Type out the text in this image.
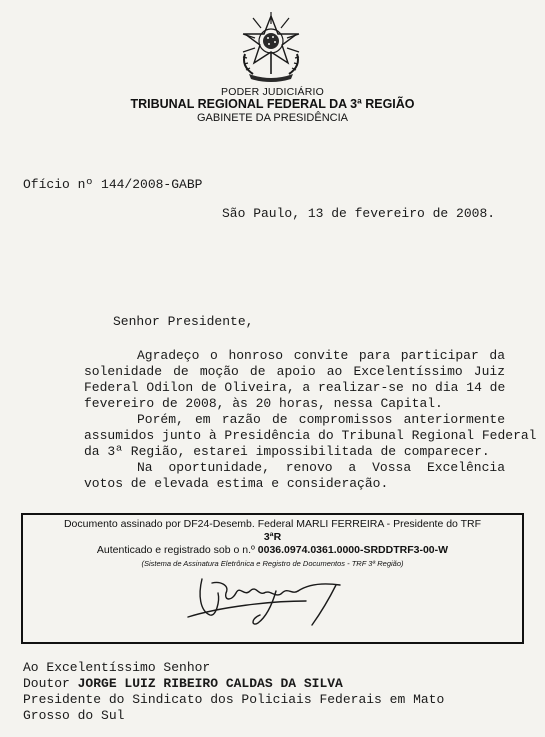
PODER JUDICIÁRIO
TRIBUNAL REGIONAL FEDERAL DA 3ª REGIÃO
GABINETE DA PRESIDÊNCIA
Ofício nº 144/2008-GABP
São Paulo, 13 de fevereiro de 2008.
Senhor Presidente,
Agradeço o honroso convite para participar da
solenidade de moção de apoio ao Excelentíssimo Juiz
Federal Odilon de Oliveira, a realizar-se no dia 14 de
fevereiro de 2008, às 20 horas, nessa Capital.
Porém, em razão de compromissos anteriormente
assumidos junto à Presidência do Tribunal Regional Federal
da 3ª Região, estarei impossibilitada de comparecer.
Na oportunidade, renovo a Vossa Excelência
votos de elevada estima e consideração.
Documento assinado por DF24-Desemb. Federal MARLI FERREIRA - Presidente do TRF
3ªR
Autenticado e registrado sob o n.º 0036.0974.0361.0000-SRDDTRF3-00-W
(Sistema de Assinatura Eletrônica e Registro de Documentos - TRF 3ª Região)
Ao Excelentíssimo Senhor
Doutor JORGE LUIZ RIBEIRO CALDAS DA SILVA
Presidente do Sindicato dos Policiais Federais em Mato
Grosso do Sul
